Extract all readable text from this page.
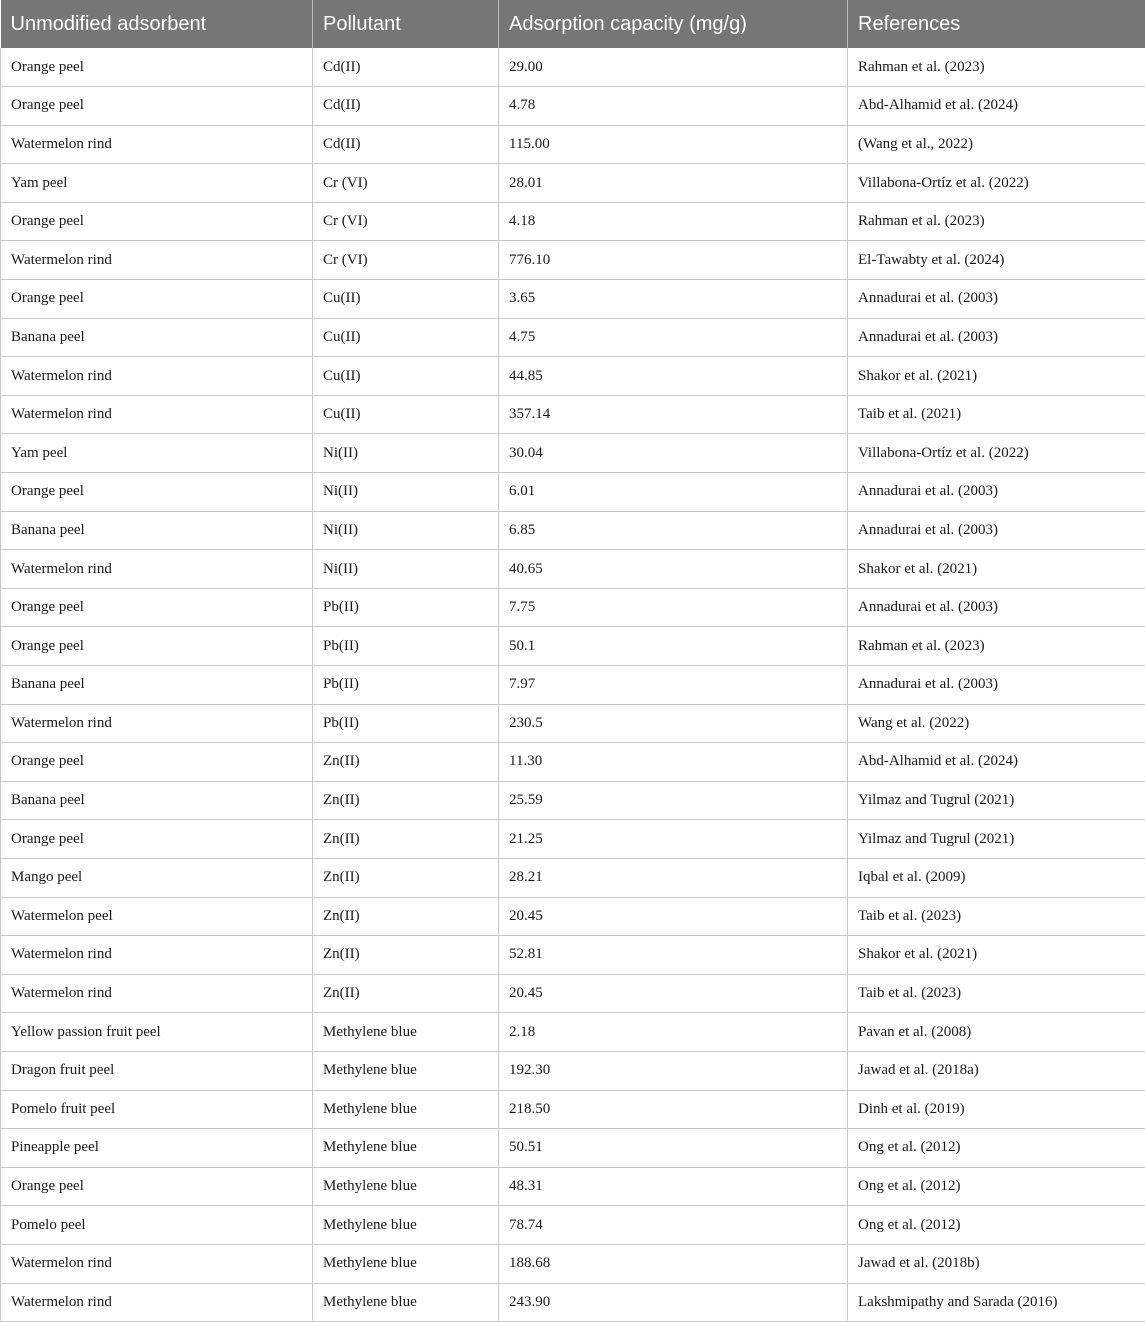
Unmodified adsorbent	Pollutant	Adsorption capacity (mg/g)	References
Orange peel	Cd(II)	29.00	Rahman et al. (2023)
Orange peel	Cd(II)	4.78	Abd-Alhamid et al. (2024)
Watermelon rind	Cd(II)	115.00	(Wang et al., 2022)
Yam peel	Cr (VI)	28.01	Villabona-Ortíz et al. (2022)
Orange peel	Cr (VI)	4.18	Rahman et al. (2023)
Watermelon rind	Cr (VI)	776.10	El-Tawabty et al. (2024)
Orange peel	Cu(II)	3.65	Annadurai et al. (2003)
Banana peel	Cu(II)	4.75	Annadurai et al. (2003)
Watermelon rind	Cu(II)	44.85	Shakor et al. (2021)
Watermelon rind	Cu(II)	357.14	Taib et al. (2021)
Yam peel	Ni(II)	30.04	Villabona-Ortíz et al. (2022)
Orange peel	Ni(II)	6.01	Annadurai et al. (2003)
Banana peel	Ni(II)	6.85	Annadurai et al. (2003)
Watermelon rind	Ni(II)	40.65	Shakor et al. (2021)
Orange peel	Pb(II)	7.75	Annadurai et al. (2003)
Orange peel	Pb(II)	50.1	Rahman et al. (2023)
Banana peel	Pb(II)	7.97	Annadurai et al. (2003)
Watermelon rind	Pb(II)	230.5	Wang et al. (2022)
Orange peel	Zn(II)	11.30	Abd-Alhamid et al. (2024)
Banana peel	Zn(II)	25.59	Yilmaz and Tugrul (2021)
Orange peel	Zn(II)	21.25	Yilmaz and Tugrul (2021)
Mango peel	Zn(II)	28.21	Iqbal et al. (2009)
Watermelon peel	Zn(II)	20.45	Taib et al. (2023)
Watermelon rind	Zn(II)	52.81	Shakor et al. (2021)
Watermelon rind	Zn(II)	20.45	Taib et al. (2023)
Yellow passion fruit peel	Methylene blue	2.18	Pavan et al. (2008)
Dragon fruit peel	Methylene blue	192.30	Jawad et al. (2018a)
Pomelo fruit peel	Methylene blue	218.50	Dinh et al. (2019)
Pineapple peel	Methylene blue	50.51	Ong et al. (2012)
Orange peel	Methylene blue	48.31	Ong et al. (2012)
Pomelo peel	Methylene blue	78.74	Ong et al. (2012)
Watermelon rind	Methylene blue	188.68	Jawad et al. (2018b)
Watermelon rind	Methylene blue	243.90	Lakshmipathy and Sarada (2016)
